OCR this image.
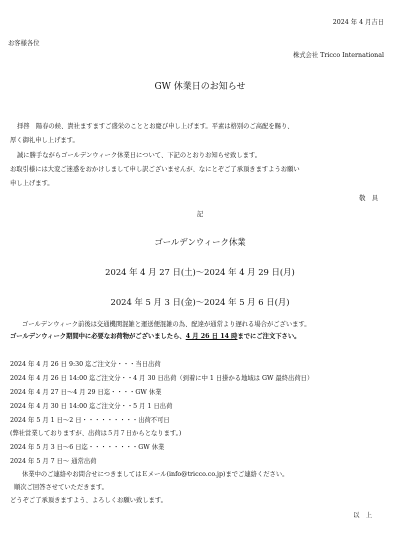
2024 年 4 月吉日
お客様各位
株式会社 Tricco International
GW 休業日のお知らせ
拝啓　陽春の候、貴社ますますご盛栄のこととお慶び申し上げます。平素は格別のご高配を賜り、
厚く御礼申し上げます。
誠に勝手ながらゴールデンウィーク休業日について、下記のとおりお知らせ致します。
お取引様には大変ご迷惑をおかけしまして申し訳ございませんが、なにとぞご了承頂きますようお願い
申し上げます。
敬　具
記
ゴールデンウィーク休業
2024 年 4 月 27 日(土)～2024 年 4 月 29 日(月)
2024 年 5 月 3 日(金)～2024 年 5 月 6 日(月)
ゴールデンウィーク前後は交通機関混雑と運送便混雑の為、配達が通常より遅れる場合がございます。
ゴールデンウィーク期間中に必要なお荷物がございましたら、4 月 26 日 14 時までにご注文下さい。
2024 年 4 月 26 日 9:30 迄ご注文分・・・当日出荷
2024 年 4 月 26 日 14:00 迄ご注文分・・4 月 30 日出荷（到着に中 1 日掛かる地域は GW 最終出荷日）
2024 年 4 月 27 日～4 月 29 日迄・・・・GW 休業
2024 年 4 月 30 日 14:00 迄ご注文分・・5 月 1 日出荷
2024 年 5 月 1 日～2 日・・・・・・・・・出荷不可日
(弊社営業しておりますが、出荷は５月７日からとなります。)
2024 年 5 月 3 日～6 日迄・・・・・・・・GW 休業
2024 年 5 月 7 日～ 通常出荷
休業中のご連絡やお問合せにつきましてはＥメール(info@tricco.co.jp)までご連絡ください。
順次ご回答させていただきます。
どうぞご了承頂きますよう、よろしくお願い致します。
以　上
